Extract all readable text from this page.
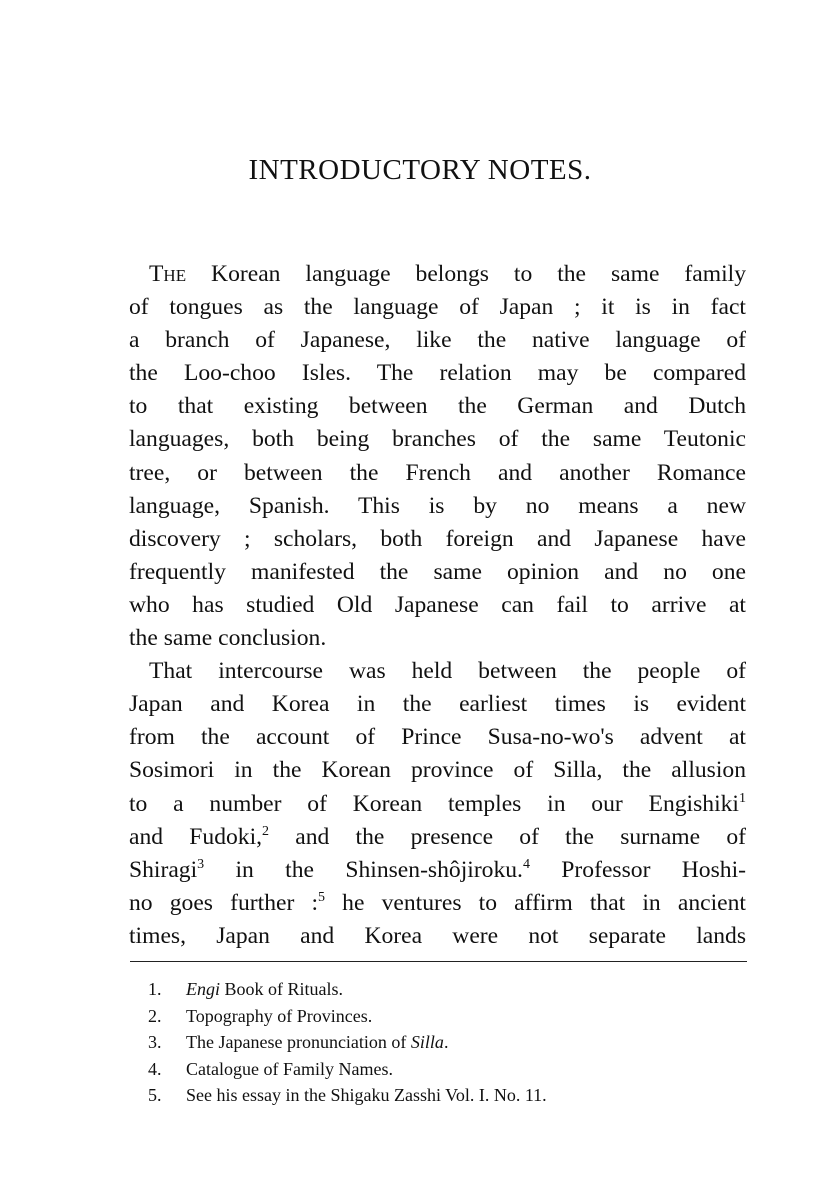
INTRODUCTORY NOTES.
The Korean language belongs to the same family
of tongues as the language of Japan ; it is in fact
a branch of Japanese, like the native language of
the Loo-choo Isles. The relation may be compared
to that existing between the German and Dutch
languages, both being branches of the same Teutonic
tree, or between the French and another Romance
language, Spanish. This is by no means a new
discovery ; scholars, both foreign and Japanese have
frequently manifested the same opinion and no one
who has studied Old Japanese can fail to arrive at
the same conclusion.
That intercourse was held between the people of
Japan and Korea in the earliest times is evident
from the account of Prince Susa-no-wo's advent at
Sosimori in the Korean province of Silla, the allusion
to a number of Korean temples in our Engishiki$^1$
and Fudoki,$^2$ and the presence of the surname of
Shiragi$^3$ in the Shinsen-shôjiroku.$^4$ Professor Hoshi-
no goes further :$^5$ he ventures to affirm that in ancient
times, Japan and Korea were not separate lands
1.	Engi Book of Rituals.
2.	Topography of Provinces.
3.	The Japanese pronunciation of Silla.
4.	Catalogue of Family Names.
5.	See his essay in the Shigaku Zasshi Vol. I. No. 11.
